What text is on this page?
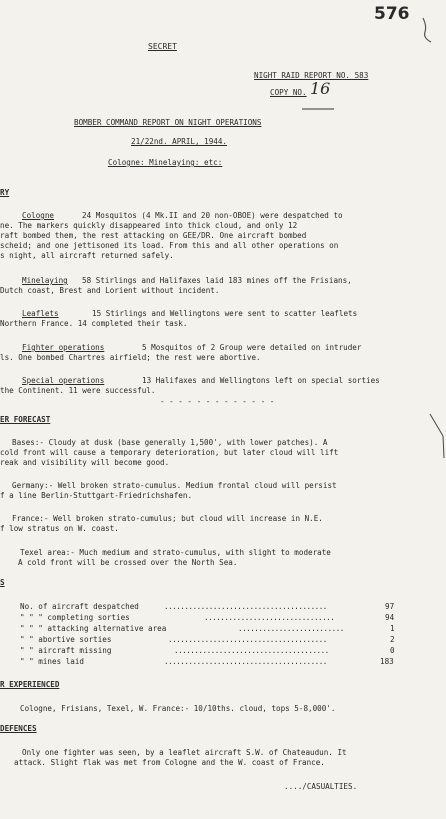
576
SECRET
NIGHT RAID REPORT NO. 583
COPY NO. 16
BOMBER COMMAND REPORT ON NIGHT OPERATIONS
21/22nd. APRIL, 1944.
Cologne: Minelaying: etc:
RY
Cologne	24 Mosquitos (4 Mk.II and 20 non-OBOE) were despatched to
ne. The markers quickly disappeared into thick cloud, and only 12
raft bombed them, the rest attacking on GEE/DR. One aircraft bombed
scheid; and one jettisoned its load. From this and all other operations on
s night, all aircraft returned safely.
Minelaying 58 Stirlings and Halifaxes laid 183 mines off the Frisians,
Dutch coast, Brest and Lorient without incident.
Leaflets	15 Stirlings and Wellingtons were sent to scatter leaflets
Northern France. 14 completed their task.
Fighter operations	5 Mosquitos of 2 Group were detailed on intruder
ls. One bombed Chartres airfield; the rest were abortive.
Special operations	13 Halifaxes and Wellingtons left on special sorties
the Continent. 11 were successful.
- - - - - - - - - - - - -
ER FORECAST
Bases:- Cloudy at dusk (base generally 1,500', with lower patches). A
cold front will cause a temporary deterioration, but later cloud will lift
reak and visibility will become good.
Germany:- Well broken strato-cumulus. Medium frontal cloud will persist
f a line Berlin-Stuttgart-Friedrichshafen.
France:- Well broken strato-cumulus; but cloud will increase in N.E.
f low stratus on W. coast.
Texel area:- Much medium and strato-cumulus, with slight to moderate
A cold front will be crossed over the North Sea.
S
No. of aircraft despatched	........................................	97
" " " completing sorties	................................	94
" " " attacking alternative area	..........................	1
" " abortive sorties	.......................................	2
" " aircraft missing	......................................	0
" " mines laid	........................................	183
R EXPERIENCED
Cologne, Frisians, Texel, W. France:- 10/10ths. cloud, tops 5-8,000'.
DEFENCES
Only one fighter was seen, by a leaflet aircraft S.W. of Chateaudun. It
attack. Slight flak was met from Cologne and the W. coast of France.
..../CASUALTIES.
